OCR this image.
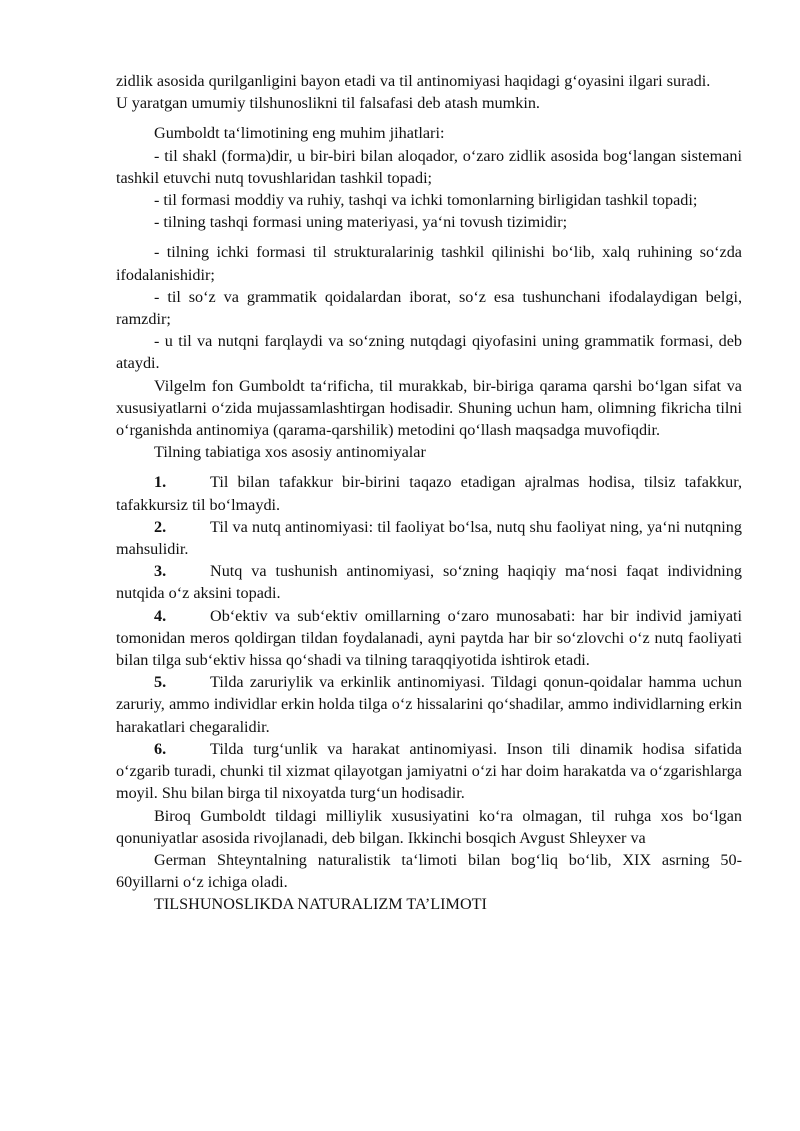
zidlik asosida qurilganligini bayon etadi va til antinomiyasi haqidagi g‘oyasini ilgari suradi.

U yaratgan umumiy tilshunoslikni til falsafasi deb atash mumkin.

Gumboldt ta‘limotining eng muhim jihatlari:

- til shakl (forma)dir, u bir-biri bilan aloqador, o‘zaro zidlik asosida bog‘langan sistemani tashkil etuvchi nutq tovushlaridan tashkil topadi;

- til formasi moddiy va ruhiy, tashqi va ichki tomonlarning birligidan tashkil topadi;

- tilning tashqi formasi uning materiyasi, ya‘ni tovush tizimidir;

- tilning ichki formasi til strukturalarinig tashkil qilinishi bo‘lib, xalq ruhining so‘zda ifodalanishidir;

- til so‘z va grammatik qoidalardan iborat, so‘z esa tushunchani ifodalaydigan belgi, ramzdir;

- u til va nutqni farqlaydi va so‘zning nutqdagi qiyofasini uning grammatik formasi, deb ataydi.

Vilgelm fon Gumboldt ta‘rificha, til murakkab, bir-biriga qarama qarshi bo‘lgan sifat va xususiyatlarni o‘zida mujassamlashtirgan hodisadir. Shuning uchun ham, olimning fikricha tilni o‘rganishda antinomiya (qarama-qarshilik) metodini qo‘llash maqsadga muvofiqdir.

Tilning tabiatiga xos asosiy antinomiyalar

1.	Til bilan tafakkur bir-birini taqazo etadigan ajralmas hodisa, tilsiz tafakkur, tafakkursiz til bo‘lmaydi.

2.	Til va nutq antinomiyasi: til faoliyat bo‘lsa, nutq shu faoliyat ning, ya‘ni nutqning mahsulidir.

3.	Nutq va tushunish antinomiyasi, so‘zning haqiqiy ma‘nosi faqat individning nutqida o‘z aksini topadi.

4.	Ob‘ektiv va sub‘ektiv omillarning o‘zaro munosabati: har bir individ jamiyati tomonidan meros qoldirgan tildan foydalanadi, ayni paytda har bir so‘zlovchi o‘z nutq faoliyati bilan tilga sub‘ektiv hissa qo‘shadi va tilning taraqqiyotida ishtirok etadi.

5.	Tilda zaruriylik va erkinlik antinomiyasi. Tildagi qonun-qoidalar hamma uchun zaruriy, ammo individlar erkin holda tilga o‘z hissalarini qo‘shadilar, ammo individlarning erkin harakatlari chegaralidir.

6.	Tilda turg‘unlik va harakat antinomiyasi. Inson tili dinamik hodisa sifatida o‘zgarib turadi, chunki til xizmat qilayotgan jamiyatni o‘zi har doim harakatda va o‘zgarishlarga moyil. Shu bilan birga til nixoyatda turg‘un hodisadir.

Biroq Gumboldt tildagi milliylik xususiyatini ko‘ra olmagan, til ruhga xos bo‘lgan qonuniyatlar asosida rivojlanadi, deb bilgan. Ikkinchi bosqich Avgust Shleyxer va

German Shteyntalning naturalistik ta‘limoti bilan bog‘liq bo‘lib, XIX asrning 50-60yillarni o‘z ichiga oladi.

TILSHUNOSLIKDA NATURALIZM TA’LIMOTI
